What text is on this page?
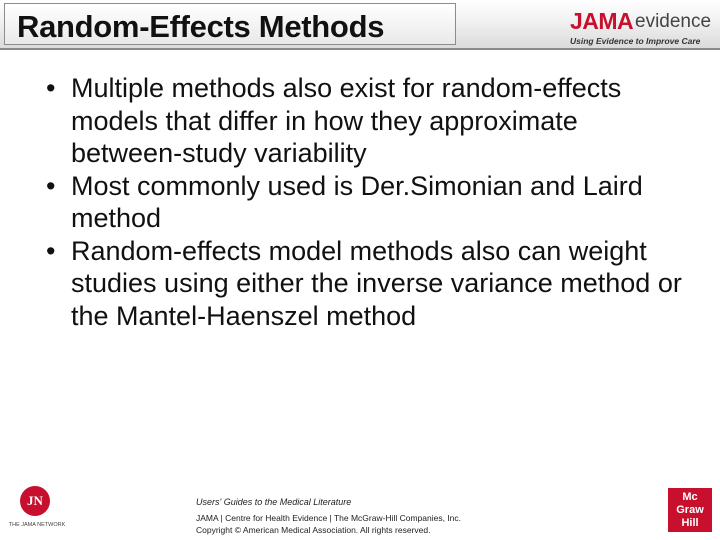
Random-Effects Methods	JAMA evidence
Using Evidence to Improve Care
• Multiple methods also exist for random-effects models that differ in how they approximate between-study variability
• Most commonly used is Der.Simonian and Laird method
• Random-effects model methods also can weight studies using either the inverse variance method or the Mantel-Haenszel method
JN
THE JAMA NETWORK
Users' Guides to the Medical Literature
JAMA | Centre for Health Evidence | The McGraw-Hill Companies, Inc.
Copyright © American Medical Association. All rights reserved.
Mc
Graw
Hill
